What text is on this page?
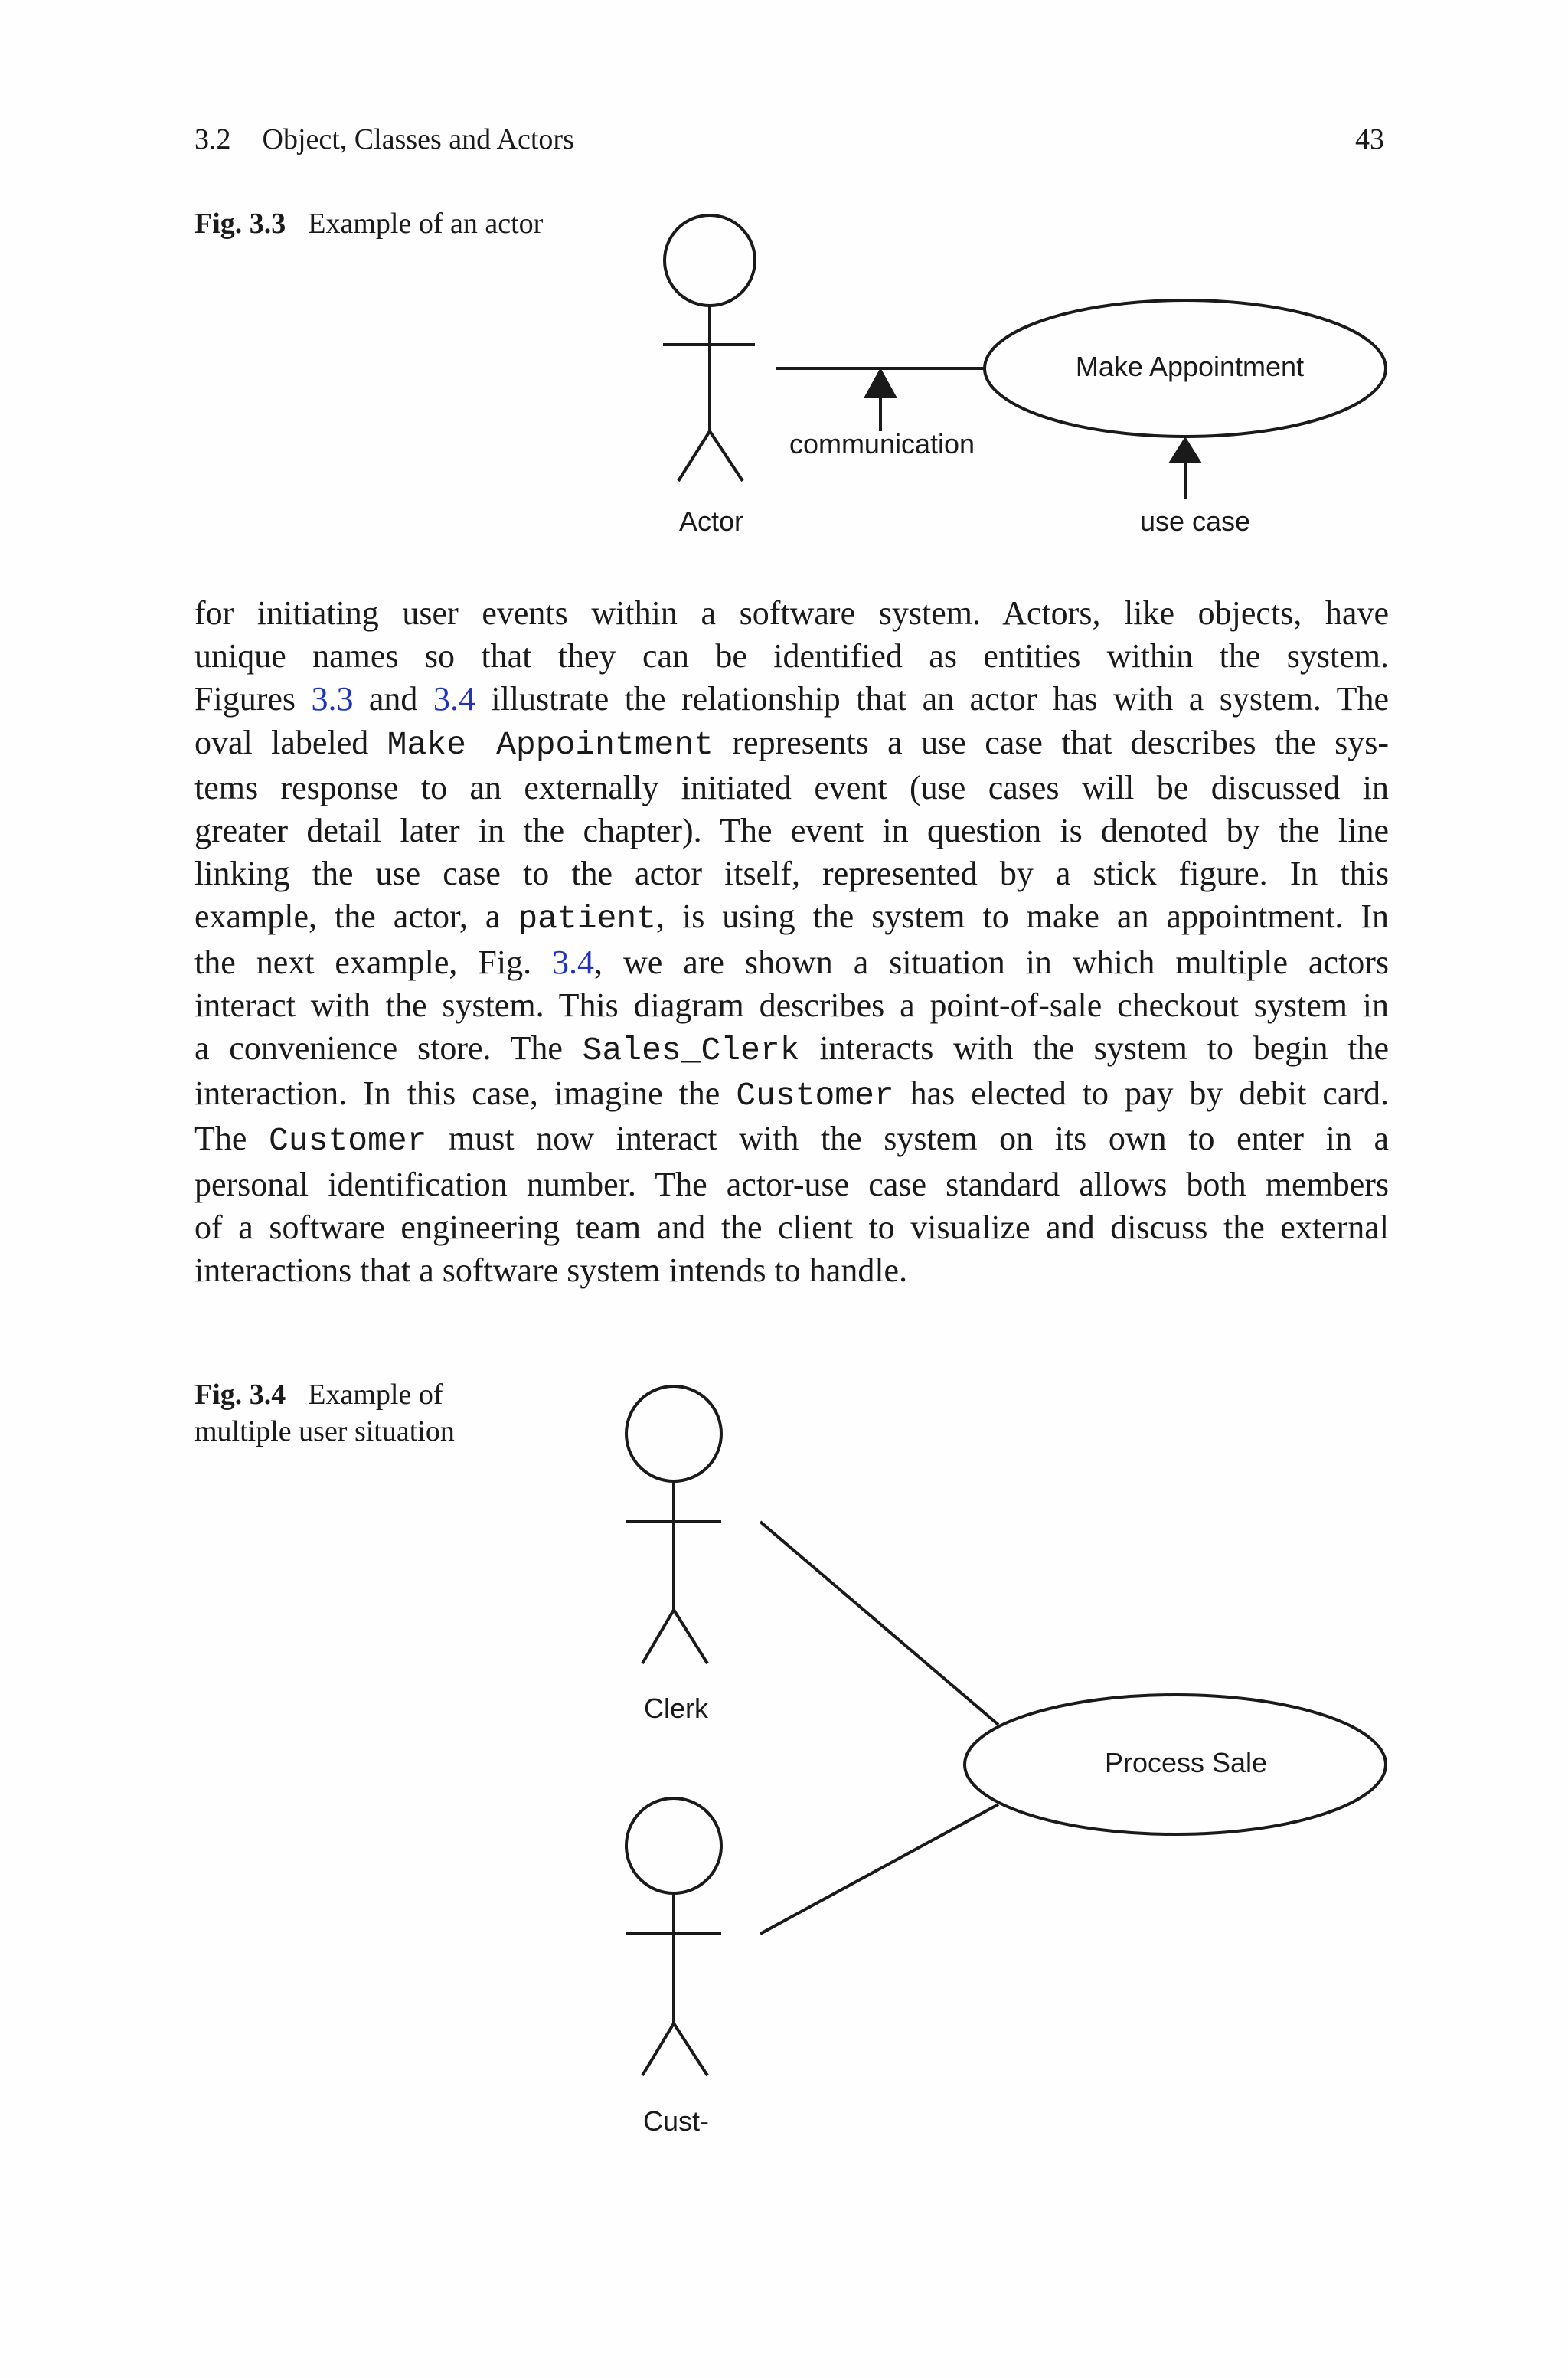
3.2 Object, Classes and Actors	43
Fig. 3.3 Example of an actor
Actor
communication
Make Appointment
use case
Clerk
Cust-
Process Sale
for initiating user events within a software system. Actors, like objects, have
unique names so that they can be identified as entities within the system.
Figures 3.3 and 3.4 illustrate the relationship that an actor has with a system. The
oval labeled Make Appointment represents a use case that describes the sys-
tems response to an externally initiated event (use cases will be discussed in
greater detail later in the chapter). The event in question is denoted by the line
linking the use case to the actor itself, represented by a stick figure. In this
example, the actor, a patient, is using the system to make an appointment. In
the next example, Fig. 3.4, we are shown a situation in which multiple actors
interact with the system. This diagram describes a point-of-sale checkout system in
a convenience store. The Sales_Clerk interacts with the system to begin the
interaction. In this case, imagine the Customer has elected to pay by debit card.
The Customer must now interact with the system on its own to enter in a
personal identification number. The actor-use case standard allows both members
of a software engineering team and the client to visualize and discuss the external
interactions that a software system intends to handle.
Fig. 3.4 Example of
multiple user situation
